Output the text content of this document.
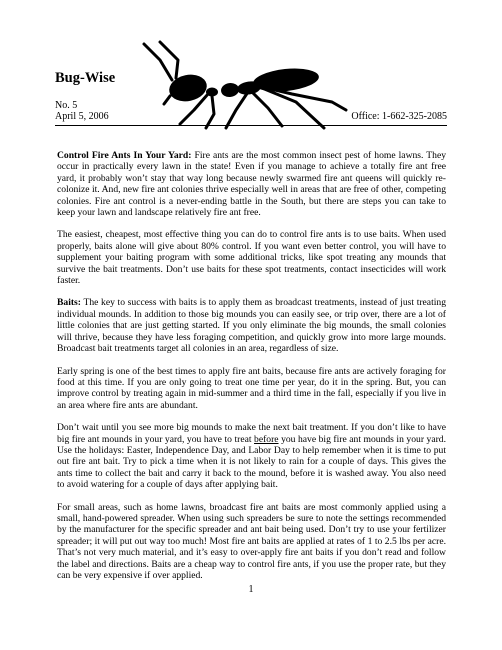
Bug-Wise
No. 5
April 5, 2006	Office: 1-662-325-2085

Control Fire Ants In Your Yard: Fire ants are the most common insect pest of home lawns. They occur in practically every lawn in the state! Even if you manage to achieve a totally fire ant free yard, it probably won’t stay that way long because newly swarmed fire ant queens will quickly re-colonize it. And, new fire ant colonies thrive especially well in areas that are free of other, competing colonies. Fire ant control is a never-ending battle in the South, but there are steps you can take to keep your lawn and landscape relatively fire ant free.

The easiest, cheapest, most effective thing you can do to control fire ants is to use baits. When used properly, baits alone will give about 80% control. If you want even better control, you will have to supplement your baiting program with some additional tricks, like spot treating any mounds that survive the bait treatments. Don’t use baits for these spot treatments, contact insecticides will work faster.

Baits: The key to success with baits is to apply them as broadcast treatments, instead of just treating individual mounds. In addition to those big mounds you can easily see, or trip over, there are a lot of little colonies that are just getting started. If you only eliminate the big mounds, the small colonies will thrive, because they have less foraging competition, and quickly grow into more large mounds. Broadcast bait treatments target all colonies in an area, regardless of size.

Early spring is one of the best times to apply fire ant baits, because fire ants are actively foraging for food at this time. If you are only going to treat one time per year, do it in the spring. But, you can improve control by treating again in mid-summer and a third time in the fall, especially if you live in an area where fire ants are abundant.

Don’t wait until you see more big mounds to make the next bait treatment. If you don’t like to have big fire ant mounds in your yard, you have to treat before you have big fire ant mounds in your yard. Use the holidays: Easter, Independence Day, and Labor Day to help remember when it is time to put out fire ant bait. Try to pick a time when it is not likely to rain for a couple of days. This gives the ants time to collect the bait and carry it back to the mound, before it is washed away. You also need to avoid watering for a couple of days after applying bait.

For small areas, such as home lawns, broadcast fire ant baits are most commonly applied using a small, hand-powered spreader. When using such spreaders be sure to note the settings recommended by the manufacturer for the specific spreader and ant bait being used. Don’t try to use your fertilizer spreader; it will put out way too much! Most fire ant baits are applied at rates of 1 to 2.5 lbs per acre. That’s not very much material, and it’s easy to over-apply fire ant baits if you don’t read and follow the label and directions. Baits are a cheap way to control fire ants, if you use the proper rate, but they can be very expensive if over applied.

1
